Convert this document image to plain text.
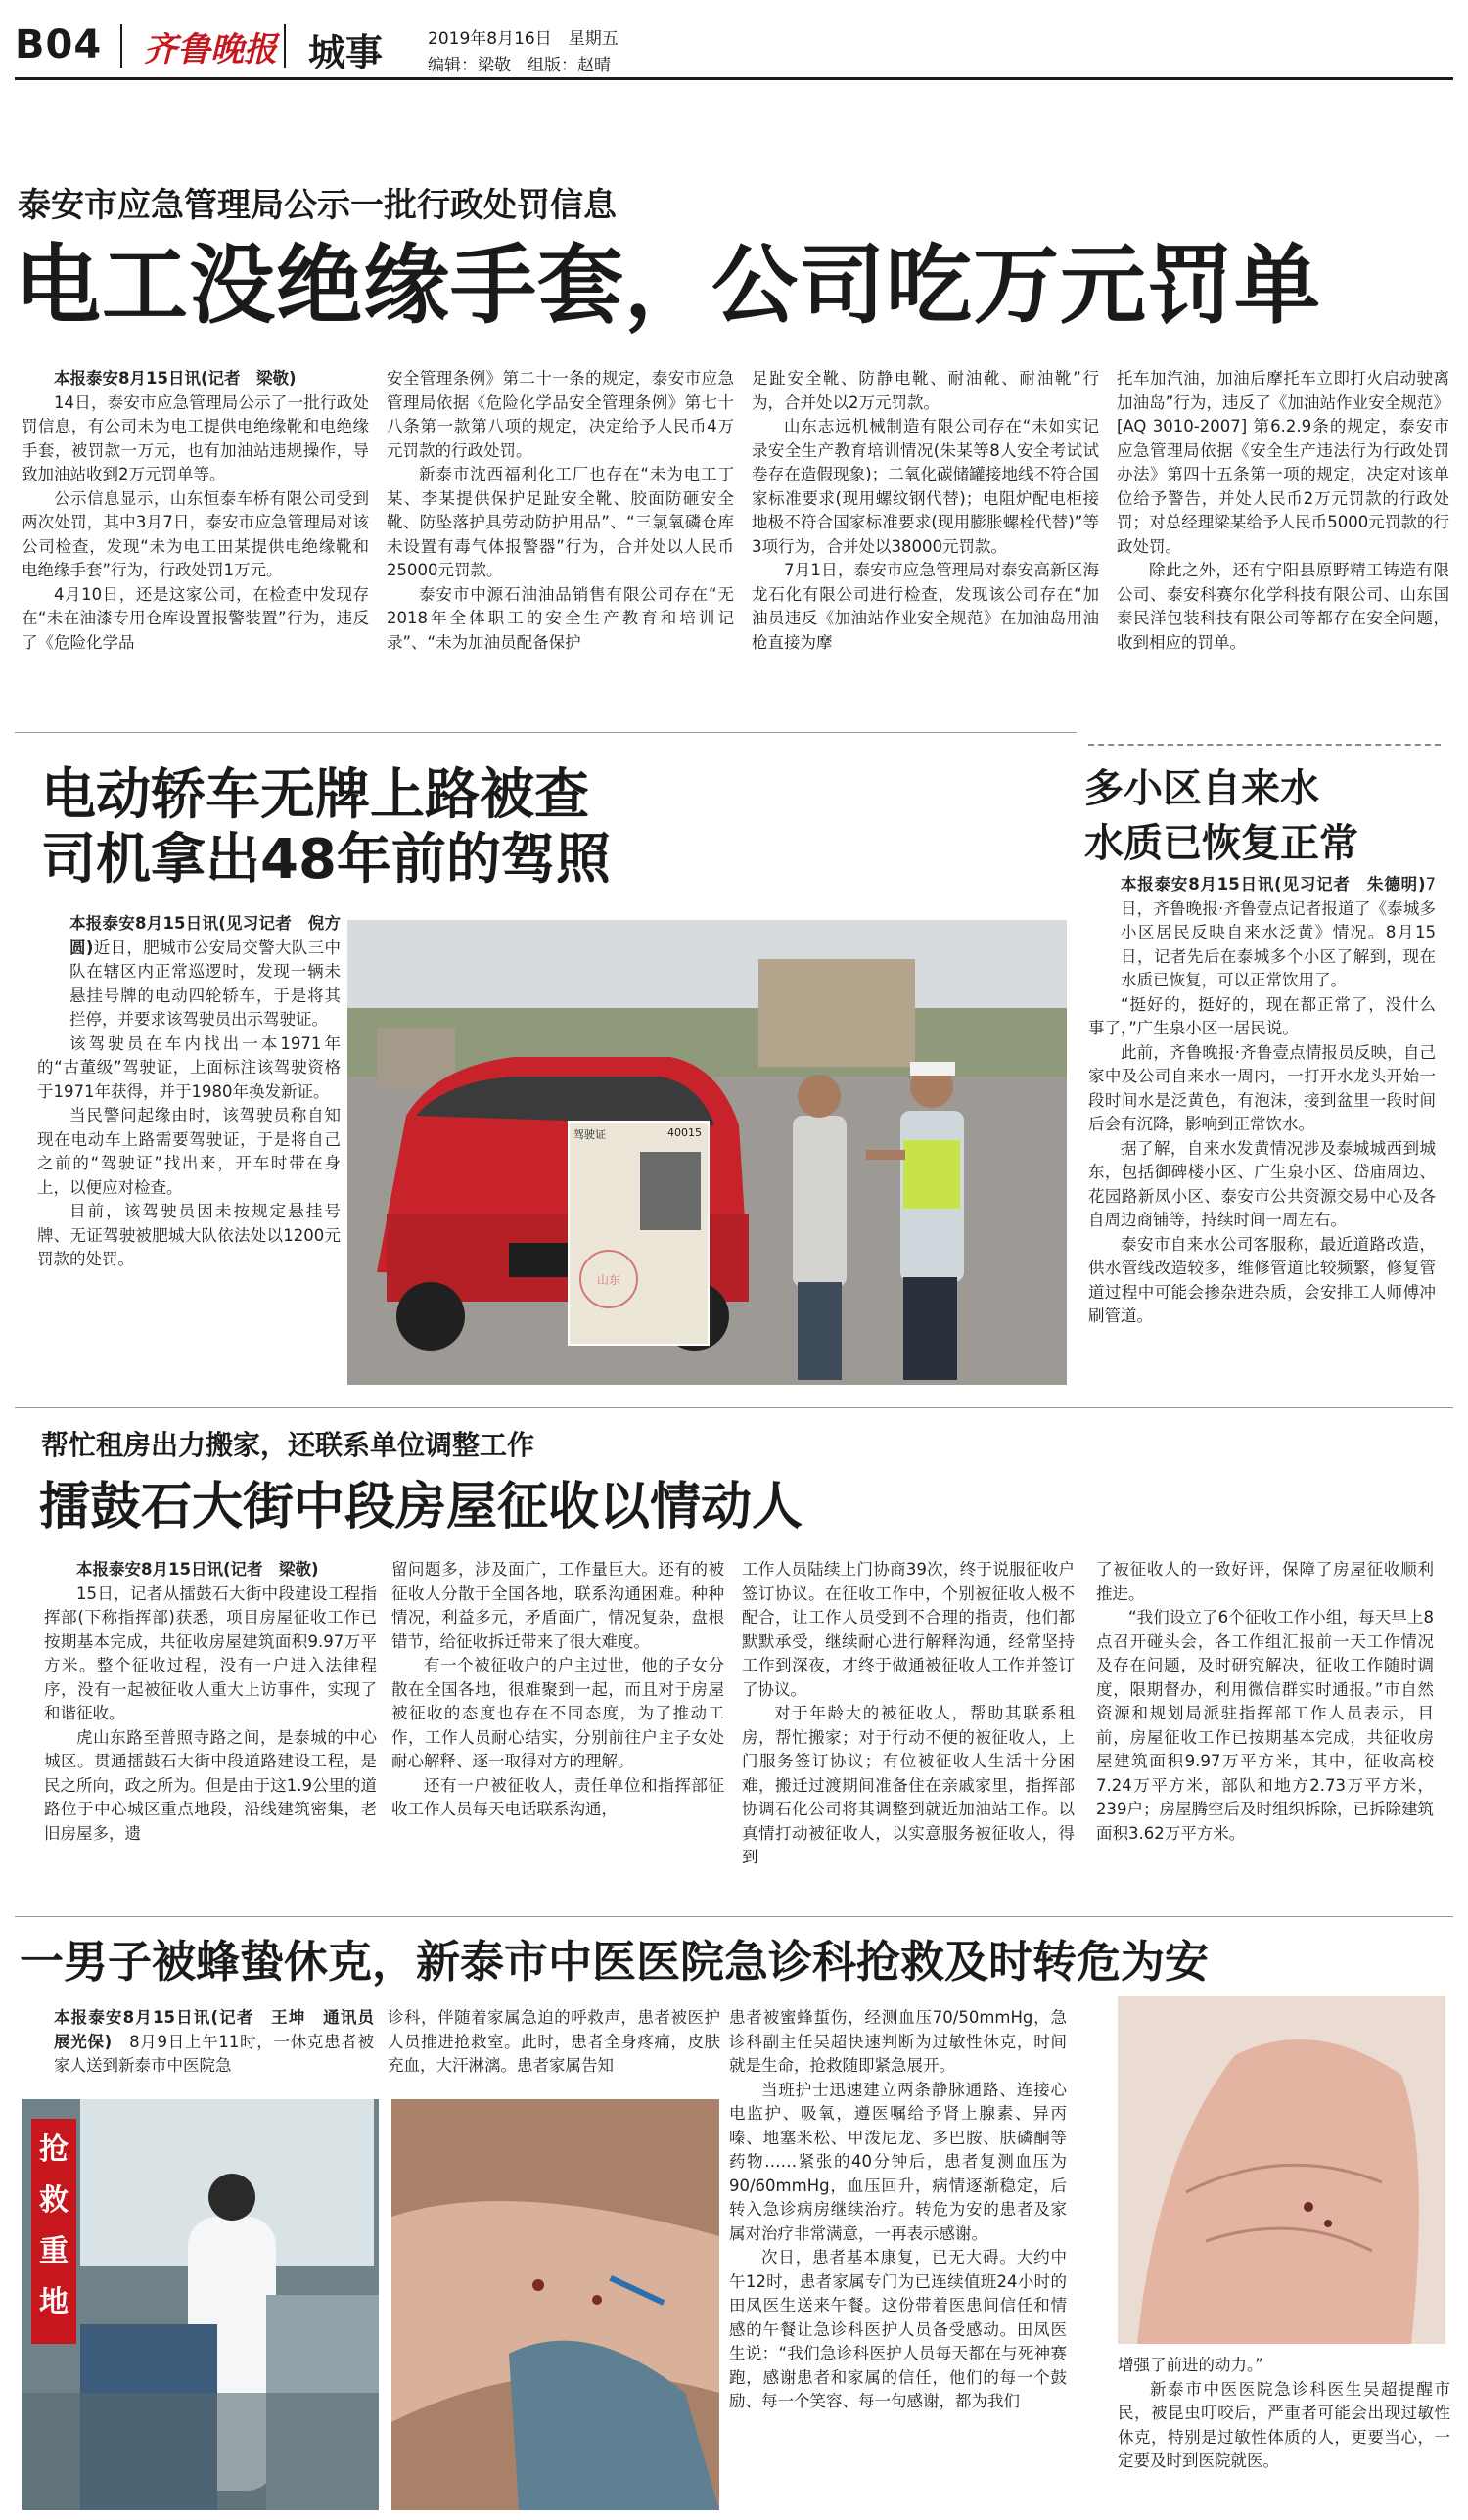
B04 齐鲁晚报 城事	2019年8月16日　星期五
编辑：梁敬　组版：赵晴
泰安市应急管理局公示一批行政处罚信息
电工没绝缘手套，公司吃万元罚单

本报泰安8月15日讯(记者　梁敬)

14日，泰安市应急管理局公示了一批行政处罚信息，有公司未为电工提供电绝缘靴和电绝缘手套，被罚款一万元，也有加油站违规操作，导致加油站收到2万元罚单等。

公示信息显示，山东恒泰车桥有限公司受到两次处罚，其中3月7日，泰安市应急管理局对该公司检查，发现“未为电工田某提供电绝缘靴和电绝缘手套”行为，行政处罚1万元。

4月10日，还是这家公司，在检查中发现存在“未在油漆专用仓库设置报警装置”行为，违反了《危险化学品

安全管理条例》第二十一条的规定，泰安市应急管理局依据《危险化学品安全管理条例》第七十八条第一款第八项的规定，决定给予人民币4万元罚款的行政处罚。

新泰市沈西福利化工厂也存在“未为电工丁某、李某提供保护足趾安全靴、胶面防砸安全靴、防坠落护具劳动防护用品”、“三氯氧磷仓库未设置有毒气体报警器”行为，合并处以人民币25000元罚款。

泰安市中源石油油品销售有限公司存在“无2018年全体职工的安全生产教育和培训记录”、“未为加油员配备保护

足趾安全靴、防静电靴、耐油靴、耐油靴”行为，合并处以2万元罚款。

山东志远机械制造有限公司存在“未如实记录安全生产教育培训情况(朱某等8人安全考试试卷存在造假现象)；二氧化碳储罐接地线不符合国家标准要求(现用螺纹钢代替)；电阻炉配电柜接地极不符合国家标准要求(现用膨胀螺栓代替)”等3项行为，合并处以38000元罚款。

7月1日，泰安市应急管理局对泰安高新区海龙石化有限公司进行检查，发现该公司存在“加油员违反《加油站作业安全规范》在加油岛用油枪直接为摩

托车加汽油，加油后摩托车立即打火启动驶离加油岛”行为，违反了《加油站作业安全规范》[AQ 3010-2007] 第6.2.9条的规定，泰安市应急管理局依据《安全生产违法行为行政处罚办法》第四十五条第一项的规定，决定对该单位给予警告，并处人民币2万元罚款的行政处罚；对总经理梁某给予人民币5000元罚款的行政处罚。

除此之外，还有宁阳县原野精工铸造有限公司、泰安科赛尔化学科技有限公司、山东国泰民洋包装科技有限公司等都存在安全问题，收到相应的罚单。

电动轿车无牌上路被查
司机拿出48年前的驾照

本报泰安8月15日讯(见习记者　倪方圆)近日，肥城市公安局交警大队三中队在辖区内正常巡逻时，发现一辆未悬挂号牌的电动四轮轿车，于是将其拦停，并要求该驾驶员出示驾驶证。

该驾驶员在车内找出一本1971年的“古董级”驾驶证，上面标注该驾驶资格于1971年获得，并于1980年换发新证。

当民警问起缘由时，该驾驶员称自知现在电动车上路需要驾驶证，于是将自己之前的“驾驶证”找出来，开车时带在身上，以便应对检查。

目前，该驾驶员因未按规定悬挂号牌、无证驾驶被肥城大队依法处以1200元罚款的处罚。

驾驶证	40015
山东
多小区自来水
水质已恢复正常

本报泰安8月15日讯(见习记者　朱德明)7日，齐鲁晚报·齐鲁壹点记者报道了《泰城多小区居民反映自来水泛黄》情况。8月15日，记者先后在泰城多个小区了解到，现在水质已恢复，可以正常饮用了。

“挺好的，挺好的，现在都正常了，没什么事了，”广生泉小区一居民说。

此前，齐鲁晚报·齐鲁壹点情报员反映，自己家中及公司自来水一周内，一打开水龙头开始一段时间水是泛黄色，有泡沫，接到盆里一段时间后会有沉降，影响到正常饮水。

据了解，自来水发黄情况涉及泰城城西到城东，包括御碑楼小区、广生泉小区、岱庙周边、花园路新凤小区、泰安市公共资源交易中心及各自周边商铺等，持续时间一周左右。

泰安市自来水公司客服称，最近道路改造，供水管线改造较多，维修管道比较频繁，修复管道过程中可能会掺杂进杂质，会安排工人师傅冲刷管道。

帮忙租房出力搬家，还联系单位调整工作
擂鼓石大街中段房屋征收以情动人

本报泰安8月15日讯(记者　梁敬)

15日，记者从擂鼓石大街中段建设工程指挥部(下称指挥部)获悉，项目房屋征收工作已按期基本完成，共征收房屋建筑面积9.97万平方米。整个征收过程，没有一户进入法律程序，没有一起被征收人重大上访事件，实现了和谐征收。

虎山东路至普照寺路之间，是泰城的中心城区。贯通擂鼓石大街中段道路建设工程，是民之所向，政之所为。但是由于这1.9公里的道路位于中心城区重点地段，沿线建筑密集，老旧房屋多，遗

留问题多，涉及面广，工作量巨大。还有的被征收人分散于全国各地，联系沟通困难。种种情况，利益多元，矛盾面广，情况复杂，盘根错节，给征收拆迁带来了很大难度。

有一个被征收户的户主过世，他的子女分散在全国各地，很难聚到一起，而且对于房屋被征收的态度也存在不同态度，为了推动工作，工作人员耐心结实，分别前往户主子女处耐心解释、逐一取得对方的理解。

还有一户被征收人，责任单位和指挥部征收工作人员每天电话联系沟通，

工作人员陆续上门协商39次，终于说服征收户签订协议。在征收工作中，个别被征收人极不配合，让工作人员受到不合理的指责，他们都默默承受，继续耐心进行解释沟通，经常坚持工作到深夜，才终于做通被征收人工作并签订了协议。

对于年龄大的被征收人，帮助其联系租房，帮忙搬家；对于行动不便的被征收人，上门服务签订协议；有位被征收人生活十分困难，搬迁过渡期间准备住在亲戚家里，指挥部协调石化公司将其调整到就近加油站工作。以真情打动被征收人，以实意服务被征收人，得到

了被征收人的一致好评，保障了房屋征收顺利推进。

“我们设立了6个征收工作小组，每天早上8点召开碰头会，各工作组汇报前一天工作情况及存在问题，及时研究解决，征收工作随时调度，限期督办，利用微信群实时通报。”市自然资源和规划局派驻指挥部工作人员表示，目前，房屋征收工作已按期基本完成，共征收房屋建筑面积9.97万平方米，其中，征收高校7.24万平方米，部队和地方2.73万平方米，239户；房屋腾空后及时组织拆除，已拆除建筑面积3.62万平方米。

一男子被蜂蛰休克，新泰市中医医院急诊科抢救及时转危为安

本报泰安8月15日讯(记者　王坤　通讯员　展光保)　 8月9日上午11时，一休克患者被家人送到新泰市中医院急

诊科，伴随着家属急迫的呼救声，患者被医护人员推进抢救室。此时，患者全身疼痛，皮肤充血，大汗淋漓。患者家属告知

患者被蜜蜂蜇伤，经测血压70/50mmHg，急诊科副主任吴超快速判断为过敏性休克，时间就是生命，抢救随即紧急展开。

当班护士迅速建立两条静脉通路、连接心电监护、吸氧，遵医嘱给予肾上腺素、异丙嗪、地塞米松、甲泼尼龙、多巴胺、肤磷酮等药物……紧张的40分钟后，患者复测血压为90/60mmHg，血压回升，病情逐渐稳定，后转入急诊病房继续治疗。转危为安的患者及家属对治疗非常满意，一再表示感谢。

次日，患者基本康复，已无大碍。大约中午12时，患者家属专门为已连续值班24小时的田凤医生送来午餐。这份带着医患间信任和情感的午餐让急诊科医护人员备受感动。田凤医生说：“我们急诊科医护人员每天都在与死神赛跑，感谢患者和家属的信任，他们的每一个鼓励、每一个笑容、每一句感谢，都为我们

增强了前进的动力。”

新泰市中医医院急诊科医生吴超提醒市民，被昆虫叮咬后，严重者可能会出现过敏性休克，特别是过敏性体质的人，更要当心，一定要及时到医院就医。

抢救重地
